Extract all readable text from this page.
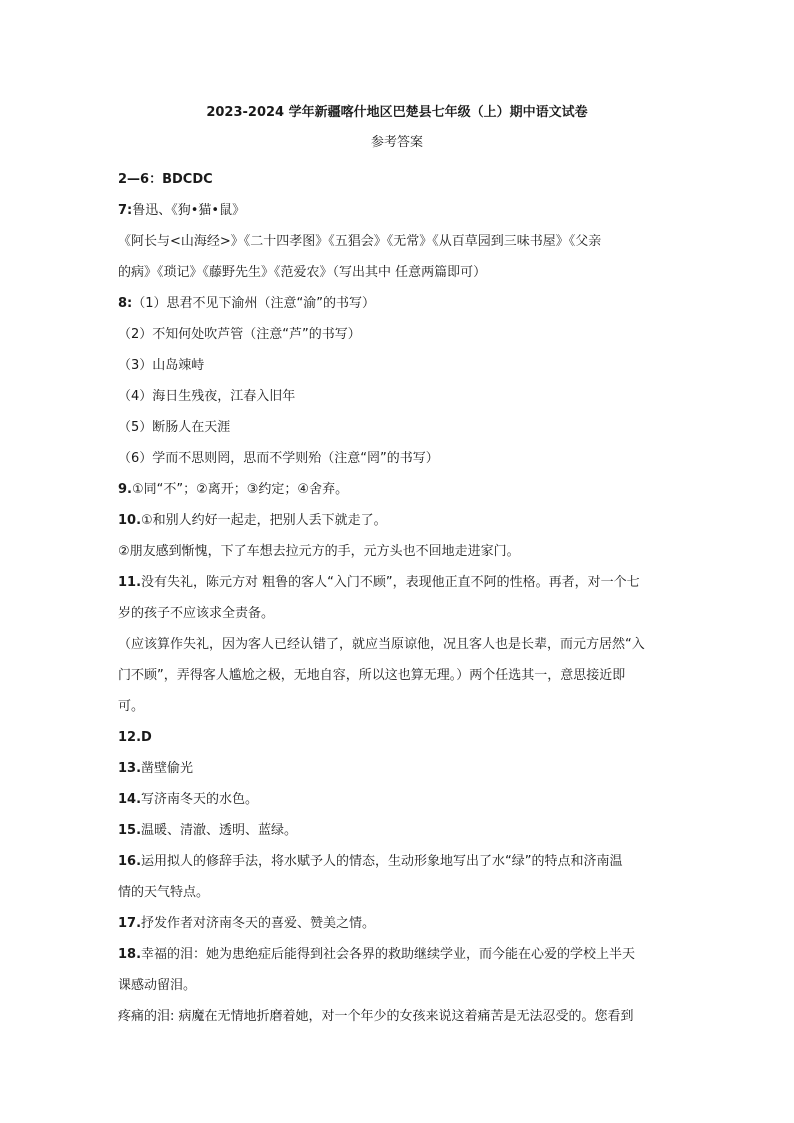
2023-2024 学年新疆喀什地区巴楚县七年级（上）期中语文试卷
参考答案
2—6：BDCDC
7:鲁迅、《狗•猫•鼠》
《阿长与<山海经>》《二十四孝图》《五猖会》《无常》《从百草园到三味书屋》《父亲
的病》《琐记》《藤野先生》《范爱农》（写出其中 任意两篇即可）
8:（1）思君不见下渝州（注意“渝”的书写）
（2）不知何处吹芦管（注意“芦”的书写）
（3）山岛竦峙
（4）海日生残夜，江春入旧年
（5）断肠人在天涯
（6）学而不思则罔，思而不学则殆（注意“罔”的书写）
9.①同“不”；②离开；③约定；④舍弃。
10.①和别人约好一起走，把别人丢下就走了。
②朋友感到惭愧，下了车想去拉元方的手，元方头也不回地走进家门。
11.没有失礼，陈元方对 粗鲁的客人“入门不顾”，表现他正直不阿的性格。再者，对一个七
岁的孩子不应该求全责备。
（应该算作失礼，因为客人已经认错了，就应当原谅他，况且客人也是长辈，而元方居然“入
门不顾”，弄得客人尴尬之极，无地自容，所以这也算无理。）两个任选其一，意思接近即
可。
12.D
13.凿壁偷光
14.写济南冬天的水色。
15.温暖、清澈、透明、蓝绿。
16.运用拟人的修辞手法，将水赋予人的情态，生动形象地写出了水“绿”的特点和济南温
情的天气特点。
17.抒发作者对济南冬天的喜爱、赞美之情。
18.幸福的泪：她为患绝症后能得到社会各界的救助继续学业，而今能在心爱的学校上半天
课感动留泪。
疼痛的泪: 病魔在无情地折磨着她，对一个年少的女孩来说这着痛苦是无法忍受的。您看到
